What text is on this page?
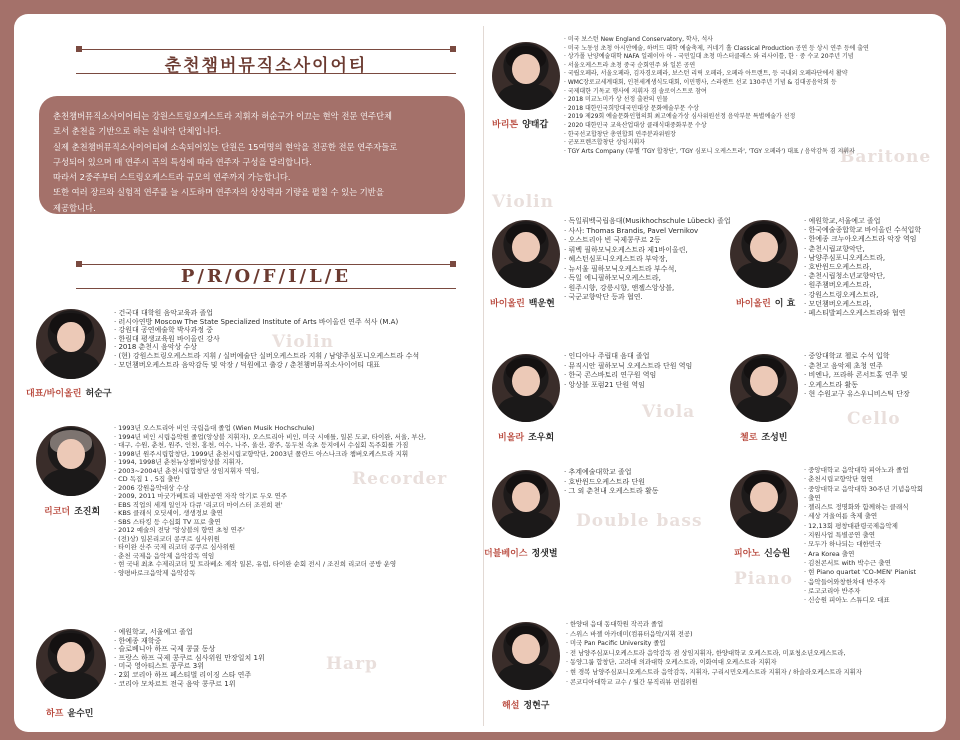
Violin
Recorder
Harp
Baritone
Violin
Viola	Cello
Double bass
Piano
춘천챔버뮤직소사이어티

춘천챔버뮤직소사이어티는 강원스트링오케스트라 지휘자 허순구가 이끄는 현악 전문 연주단체

로서 춘천을 기반으로 하는 실내악 단체입니다.

실제 춘천챔버뮤직소사이어티에 소속되어있는 단원은 15여명의 현악을 전공한 전문 연주자들로

구성되어 있으며 매 연주시 곡의 특성에 따라 연주자 구성을 달리합니다.

따라서 2중주부터 스트링오케스트라 규모의 연주까지 가능합니다.

또한 여러 장르와 실험적 연주를 늘 시도하며 연주자의 상상력과 기량을 펼칠 수 있는 기반을

제공합니다.

P/R/O/F/I/L/E
대표/바이올린 허순구
· 건국대 대학원 음악교육과 졸업
· 러시아연방 Moscow The State Specialized Institute of Arts 바이올린 연주 석사 (M.A)
· 강원대 공연예술학 박사과정 중
· 한림대 평생교육원 바이올린 강사
· 2018 춘천시 음악상 수상
· (현) 강원스트링오케스트라 지휘 / 실버예술단 실버오케스트라 지휘 / 남양주심포니오케스트라 수석
· 모던챔버오케스트라 음악감독 및 악장 / 덕원예고 출강 / 춘천챔버뮤직소사이어티 대표
리코더 조진희
· 1993년 오스트리아 비인 국립음대 졸업 (Wien Musik Hochschule)
· 1994년 비인 시립음악원 졸업(앙상블 지휘자), 오스트리아 비인, 미국 시애틀, 일본 도쿄, 타이완, 서울, 부산,
· 대구, 수원, 춘천, 원주, 인천, 홍천, 여수, 나주, 울산, 광주, 동두천 속초 등지에서 수십회 독주회를 가짐
· 1998년 원주시립합창단, 1999년 춘천시립교향악단, 2003년 폴란드 아스나크라 챔버오케스트라 지휘
· 1994, 1998년 춘천뉴상챔버앙상블 지휘자,
· 2003~2004년 춘천시립합창단 상임지휘자 역임,
· CD 독집 1 , 5집 출반
· 2006 강원음악대상 수상
· 2009, 2011 마굿가베트리 내한공연 자작 악기로 두오 연주
· EBS 직업의 세계 일인자 다큐 '리코더 마이스터 조진희 편'
· KBS 클래식 오딧세이, 생생정보 출연
· SBS 스타킹 등 수십회 TV 프로 출연
· 2012 예술의 전당 '앙상블의 향연 초청 연주'
· (전)상) 일본리코더 콩쿠르 심사위원
· 타이완 산주 국제 리코더 콩쿠르 심사위원
· 춘천 국제음 음악제 음악감독 역임
· 현 국내 최초 수제리코더 및 트라베소 제작 일본, 유럽, 타이완 순회 전시 / 조진희 리코더 공방 운영
· 양평바로크음악제 음악감독
하프 윤수민
· 예원학교, 서울예고 졸업
· 한예종 재학중
· 슬로베니아 하프 국제 콩쿨 동상
· 프랑스 하프 국제 콩쿠르 심사위원 만장일치 1위
· 미국 영아티스트 콩쿠르 3위
· 2회 코리아 하프 페스티벌 리이징 스타 연주
· 코리아 모차르트 전국 음악 콩쿠르 1위
바리톤 양태갑
· 미국 보스턴 New England Conservatory, 학사, 석사
· 미국 노동성 초청 아시안예술, 하버드 대학 예술축제, 커네기 홀 Classical Production 공연 등 상시 연주 등에 출연
· 상가폴 난양예술대학 NAFA 일레이아 아 - 국민일대 초청 마스터클래스 와 리사이틀, 한 · 중 수교 20주년 기념
· 서울오케스트라 초청 중국 순회연주 와 일본 공연
· 국립오페라, 서울오페라, 김자경오페라, 보스턴 리릭 오페라, 오페라 아트랜트, 등 국내외 오페라단에서 활약
· WMC장로교세계대회, 인천세계생식도대회, 이민행사, 스라랜트 선교 130주년 기념 & 김대공음악회 등
· 국제대한 기독교 행사에 지휘자 겸 솔로이스트로 참여
· 2018 미교노미카 상 선정 출판의 인물
· 2018 대한민국희망대국민대상 문화예술부문 수상
· 2019 제29회 예술문화인협의회 최고예술가상 심사위원선정 음악부문 특별예술가 선정
· 2020 대한민국 교육산업대상 클래식대중화부문 수상
· 한국선교합창단 총연합회 연주분과위원장
· 군포프렌즈합창단 상임지휘자
· TGY Arts Company (뮤헬 'TGY 합창단', 'TGY 심포니 오케스트라', 'TGY 오페라') 대표 / 음악감독 겸 지휘자
바이올린 백운현
· 독일뤼벡국립음대(Musikhochschule Lübeck) 졸업
· 사사: Thomas Brandis, Pavel Vernikov
· 오스트리아 빈 국제콩쿠르 2등
· 뤼벡 필하모닉오케스트라 제1바이올린,
· 헤스턴심포니오케스트라 부악장,
· 뉴서울 필하모닉오케스트라 부수석,
· 독일 에니필하모닉오케스트라,
· 원주시향, 강릉시향, 앤젤스앙상블,
· 국군교향악단 등과 협연.
바이올린 이 효
· 예원학교,서울예고 졸업
· 한국예술종합학교 바이올린 수석입학
· 한예종 크누아오케스트라 악장 역임
· 춘천시립교향악단,
· 남양주심포니오케스트라,
· 호반윈드오케스트라,
· 춘천시립청소년교향악단,
· 원주챔버오케스트라,
· 강원스트링오케스트라,
· 모던챔버오케스트라,
· 페스티발피스오케스트라와 협연
비올라 조우희
· 인디아나 주립대 음대 졸업
· 뮤직시안 필하모닉 오케스트라 단원 역임
· 한국 콘스바토리 연구원 역임
· 앙상블 포럼21 단원 역임
첼로 조성빈
· 중앙대학교 첼로 수석 입학
· 춘천고 음악제 초청 연주
· 비엔나, 프라하 콘서트홀 연주 및
· 오케스트라 활동
· 현 수원교구 유스우니비스틱 단장
더블베이스 정샛별
· 추계예술대학교 졸업
· 호반윈드오케스트라 단원
· 그 외 춘천내 오케스트라 활동
피아노 신승원
· 중앙대학교 음악대학 피아노과 졸업
· 춘천시립교향악단 협연
· 중앙대학교 음악대학 30주년 기념음악회
· 출연
· 젤리스트 정명화와 함께하는 클래식
· 세상 겨울여름 축제 출연
· 12,13회 평창대관령국제음악제
· 지원사업 특별공연 출연
· 모두가 하나되는 대한민국
· Ara Korea 출연
· 김천콘서트 with 박수근 출연
· 현 Piano quartet 'CO-MEN' Pianist
· 음악들어와창한차대 반주자
· 로고코리아 반주자
· 신승원 피아노 스튜디오 대표
해설 정현구
· 한양대 음대 동대학원 작곡과 졸업
· 스위스 바젤 아카데미(컴퓨터음악/지휘 전공)
· 미국 Pan Pacific University 졸업
· 전 남양주심포니오케스트라 음악감독 겸 상임지휘자, 한양대학교 오케스트라, 미포청소년오케스트라,
· 동양그룹 합창단, 고려대 의과대학 오케스트라, 이화여대 오케스트라 지휘자
· 현 경복 남양주심포니오케스트라 음악감독, 지휘자, 구리시민오케스트라 지휘자 / 하슬라오케스트라 지휘자
· 콘코디아대학교 교수 / 월간 뮤직리뷰 편집위원
